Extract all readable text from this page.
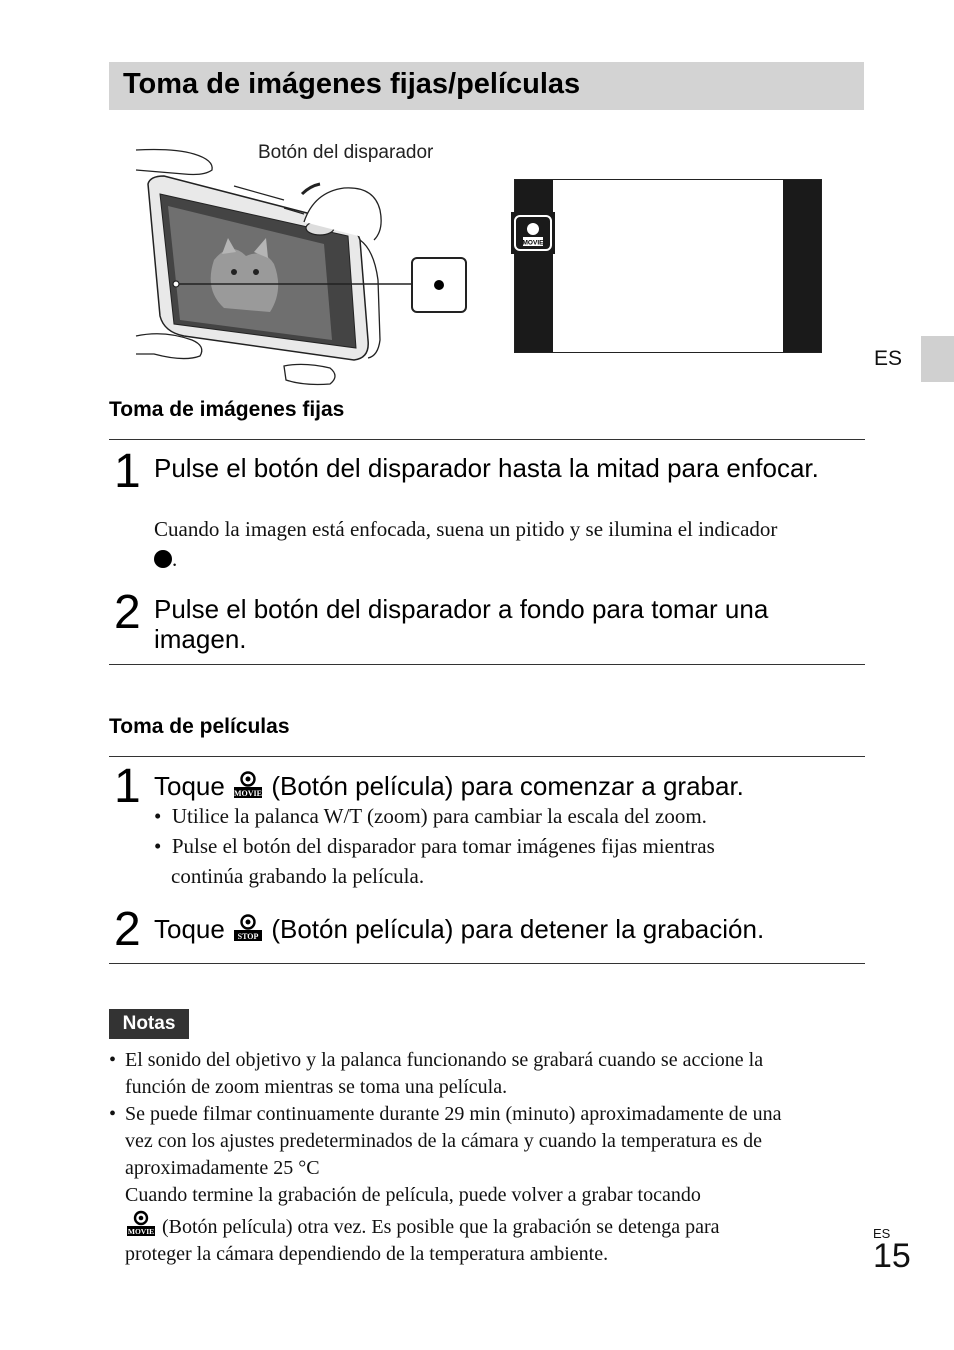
Toma de imágenes fijas/películas
Botón del disparador
MOVIE
ES
Toma de imágenes fijas
1 Pulse el botón del disparador hasta la mitad para enfocar.
Cuando la imagen está enfocada, suena un pitido y se ilumina el indicador
.
2 Pulse el botón del disparador a fondo para tomar una imagen.
Toma de películas
1 Toque MOVIE (Botón película) para comenzar a grabar.
•  Utilice la palanca W/T (zoom) para cambiar la escala del zoom.
•  Pulse el botón del disparador para tomar imágenes fijas mientras
continúa grabando la película.
2 Toque STOP (Botón película) para detener la grabación.
Notas
• El sonido del objetivo y la palanca funcionando se grabará cuando se accione la
función de zoom mientras se toma una película.
• Se puede filmar continuamente durante 29 min (minuto) aproximadamente de una
vez con los ajustes predeterminados de la cámara y cuando la temperatura es de
aproximadamente 25 °C
Cuando termine la grabación de película, puede volver a grabar tocando
MOVIE (Botón película) otra vez. Es posible que la grabación se detenga para
proteger la cámara dependiendo de la temperatura ambiente.
ES
15
